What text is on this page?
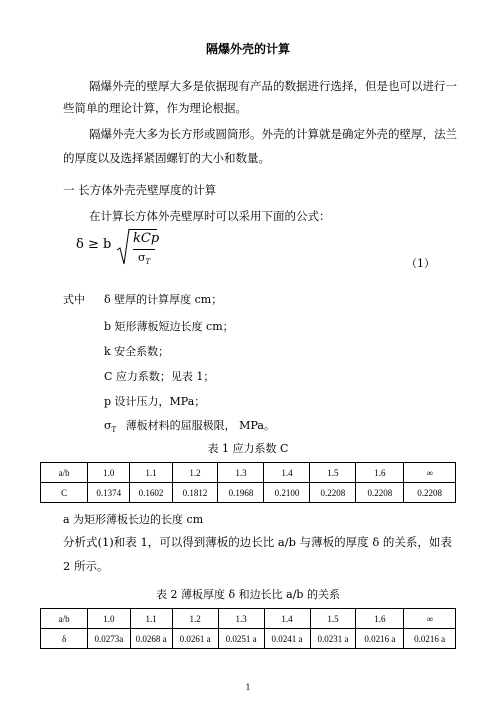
隔爆外壳的计算
隔爆外壳的壁厚大多是依据现有产品的数据进行选择，但是也可以进行一
些简单的理论计算，作为理论根据。
隔爆外壳大多为长方形或圆筒形。外壳的计算就是确定外壳的壁厚，法兰
的厚度以及选择紧固螺钉的大小和数量。
一 长方体外壳壳壁厚度的计算
在计算长方体外壳壁厚时可以采用下面的公式：
δ ≥ b kCp
$\sigma_T$	（1）
式中 δ 壁厚的计算厚度 cm；
b 矩形薄板短边长度 cm；
k 安全系数；
C 应力系数；见表 1；
p 设计压力，MPa；
$\sigma_T$ 薄板材料的屈服极限， MPa。
表 1 应力系数 C
a/b	1.0	1.1	1.2	1.3	1.4	1.5	1.6	∞
C	0.1374	0.1602	0.1812	0.1968	0.2100	0.2208	0.2208	0.2208
a 为矩形薄板长边的长度 cm
分析式(1)和表 1，可以得到薄板的边长比 a/b 与薄板的厚度 δ 的关系，如表
2 所示。
表 2 薄板厚度 δ 和边长比 a/b 的关系
a/b	1.0	1.1	1.2	1.3	1.4	1.5	1.6	∞
δ	0.0273a	0.0268 a	0.0261 a	0.0251 a	0.0241 a	0.0231 a	0.0216 a	0.0216 a
1
